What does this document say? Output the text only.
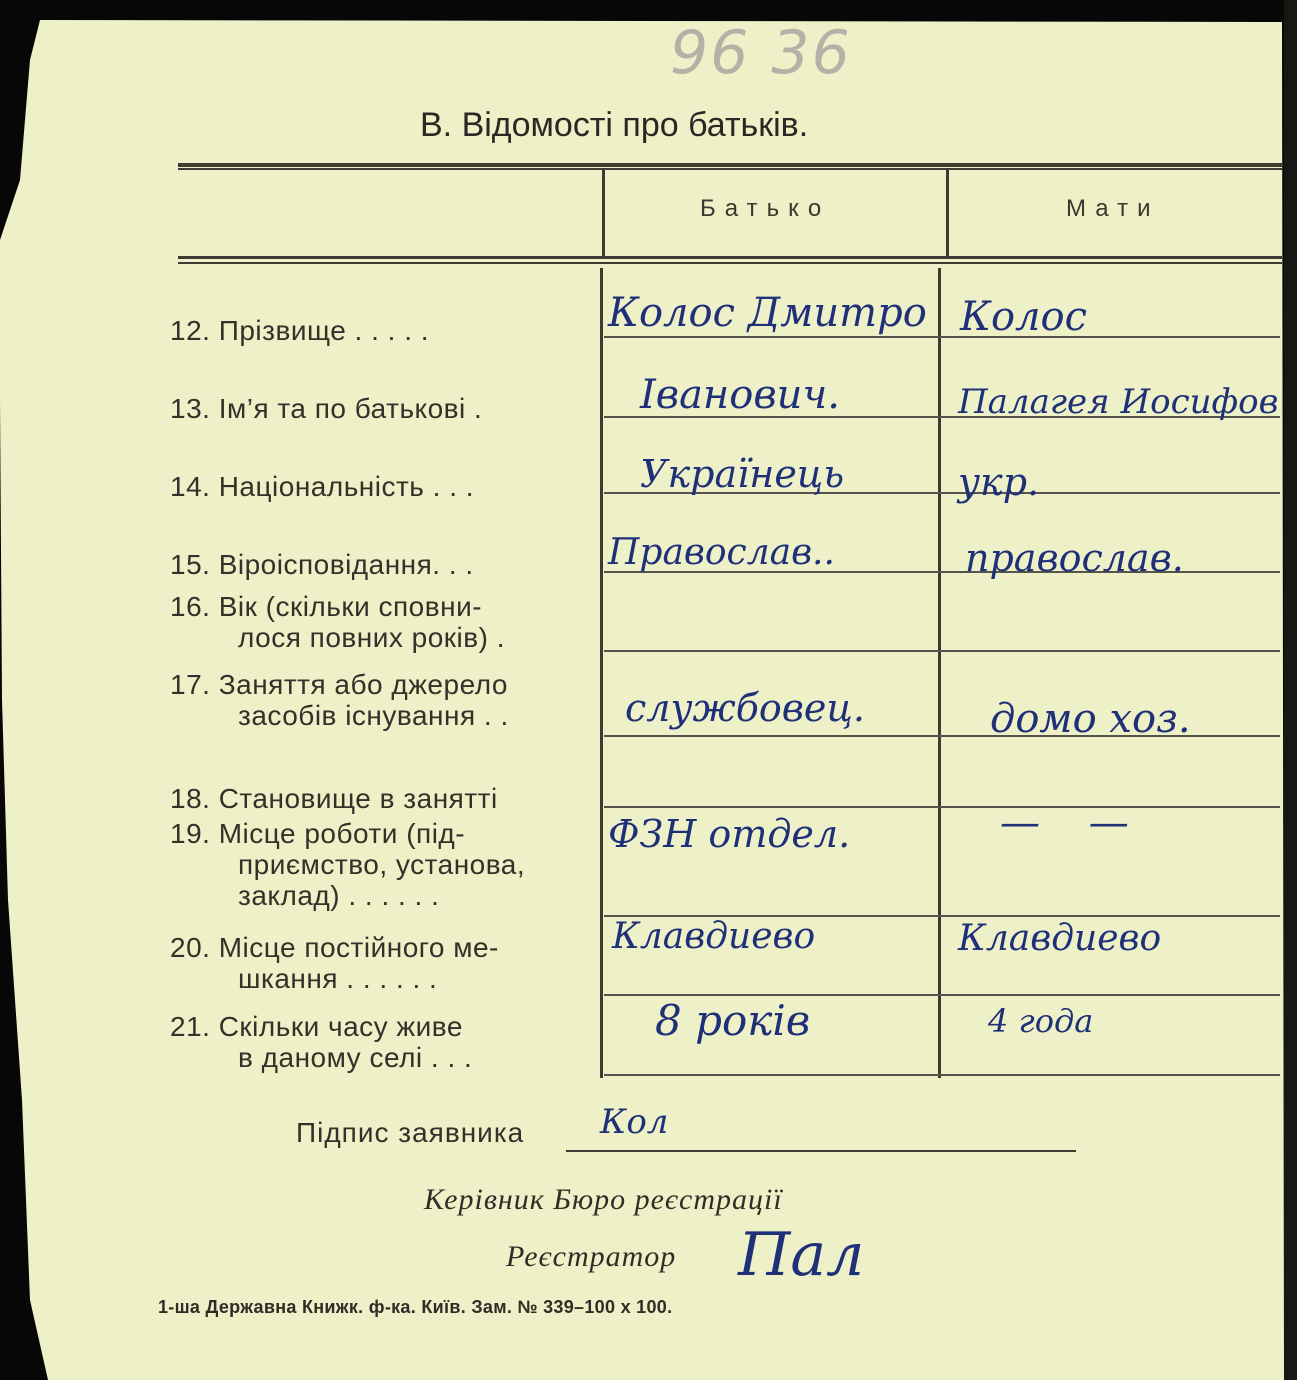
96 36
В. Відомості про батьків.
Батько	Мати
12. Прізвище . . . . .
13. Ім’я та по батькові .
14. Національність . . .
15. Віроісповідання. . .
16. Вік (скільки сповни-
лося повних років) .
17. Заняття або джерело
засобів існування . .
18. Становище в занятті
19. Місце роботи (під-
приємство, установа,
заклад) . . . . . .
20. Місце постійного ме-
шкання . . . . . .
21. Скільки часу живе
в даному селі . . .
Колос Дмитро
Іванович.
Українець
Православ..
службовец.
ФЗН отдел.
Клавдиево
8 років
Колос
Палагея Иосифов
укр.
православ.
домо хоз.
— —
Клавдиево
4 года
Підпис заявника Кол
Керівник Бюро реєстрації
Реєстратор Пал
1-ша Державна Книжк. ф-ка. Київ. Зам. № 339–100 х 100.
